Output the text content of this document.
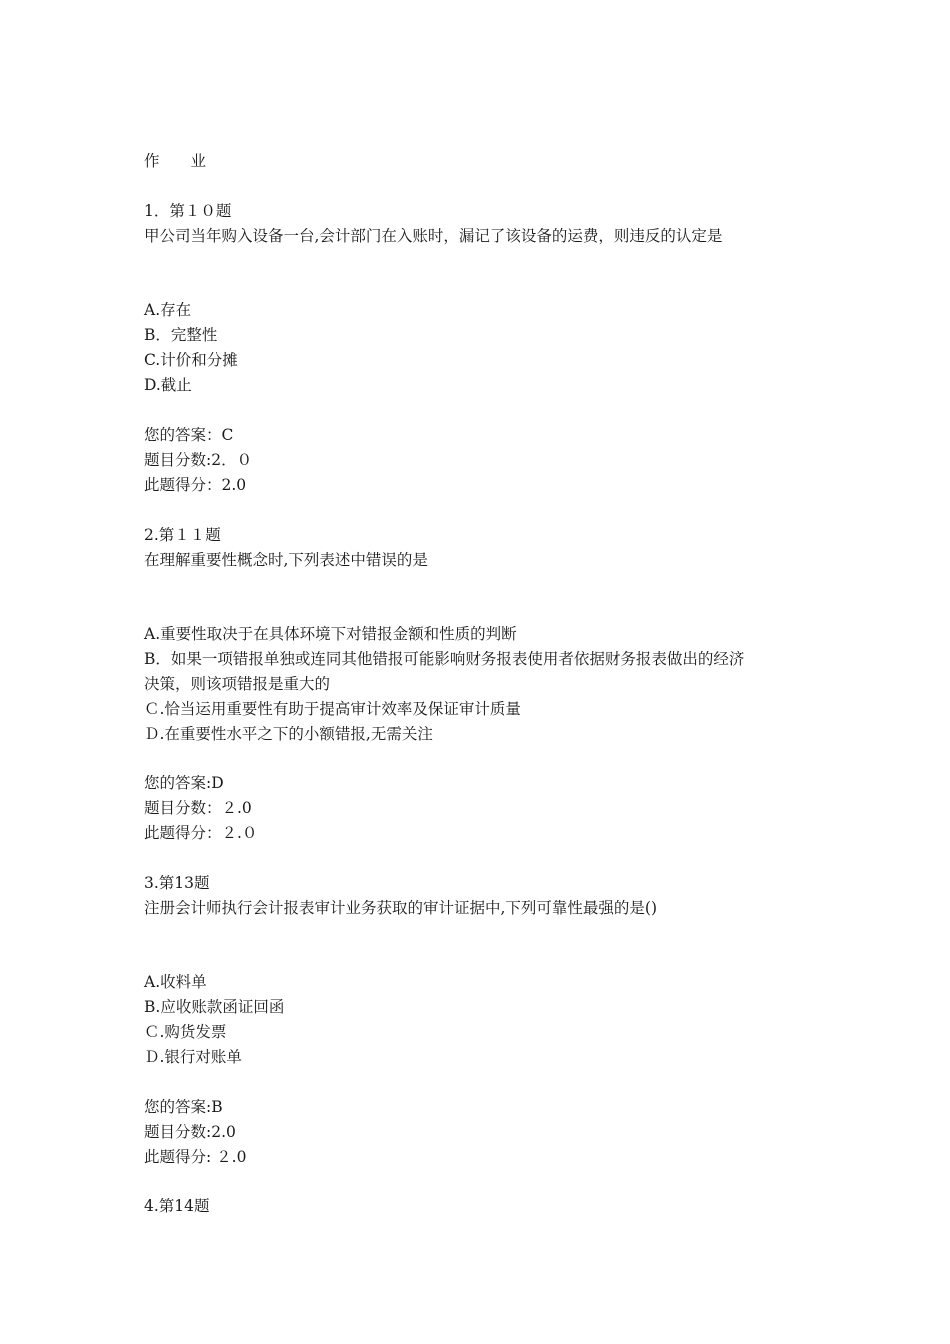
作　　业
1．第１０题
甲公司当年购入设备一台,会计部门在入账时，漏记了该设备的运费，则违反的认定是
A.存在
B．完整性
C.计价和分摊
D.截止
您的答案：C
题目分数:2．０
此题得分：2.0
2.第１１题
在理解重要性概念时,下列表述中错误的是
A.重要性取决于在具体环境下对错报金额和性质的判断
B．如果一项错报单独或连同其他错报可能影响财务报表使用者依据财务报表做出的经济
决策，则该项错报是重大的
Ｃ.恰当运用重要性有助于提高审计效率及保证审计质量
Ｄ.在重要性水平之下的小额错报,无需关注
您的答案:D
题目分数：２.0
此题得分：２.０
3.第13题
注册会计师执行会计报表审计业务获取的审计证据中,下列可靠性最强的是()
A.收料单
B.应收账款函证回函
Ｃ.购货发票
Ｄ.银行对账单
您的答案:B
题目分数:2.0
此题得分: ２.0
4.第14题
